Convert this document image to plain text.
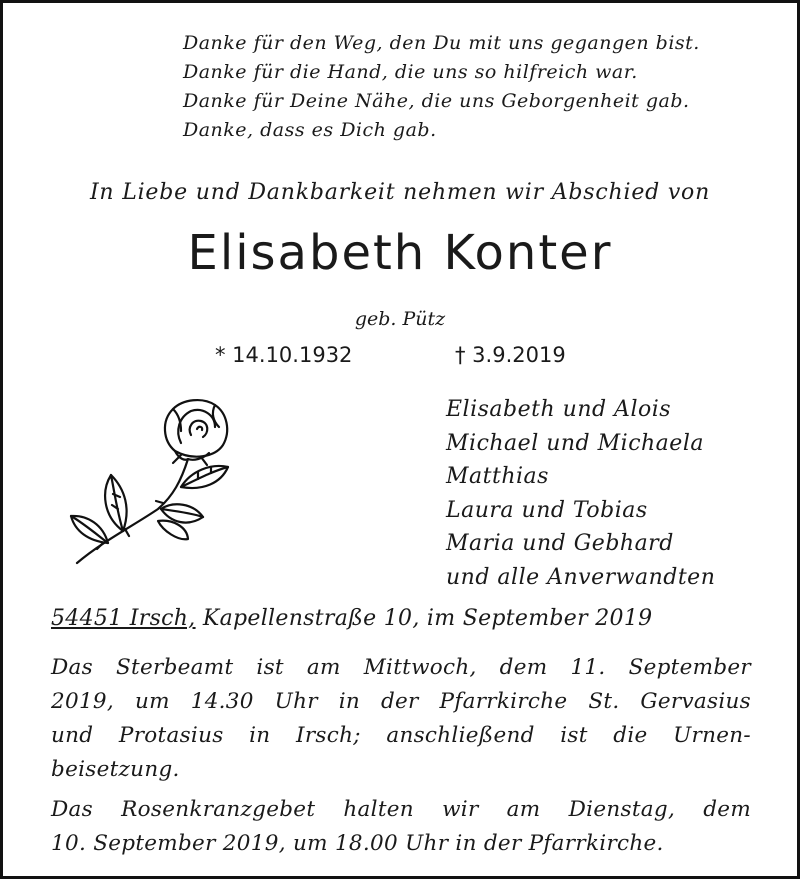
Danke für den Weg, den Du mit uns gegangen bist.
Danke für die Hand, die uns so hilfreich war.
Danke für Deine Nähe, die uns Geborgenheit gab.
Danke, dass es Dich gab.
In Liebe und Dankbarkeit nehmen wir Abschied von
Elisabeth Konter
geb. Pütz
* 14.10.1932	† 3.9.2019
Elisabeth und Alois
Michael und Michaela
Matthias
Laura und Tobias
Maria und Gebhard
und alle Anverwandten
54451 Irsch, Kapellenstraße 10, im September 2019
Das Sterbeamt ist am Mittwoch, dem 11. September
2019, um 14.30 Uhr in der Pfarrkirche St. Gervasius
und Protasius in Irsch; anschließend ist die Urnen-
beisetzung.
Das Rosenkranzgebet halten wir am Dienstag, dem
10. September 2019, um 18.00 Uhr in der Pfarrkirche.
